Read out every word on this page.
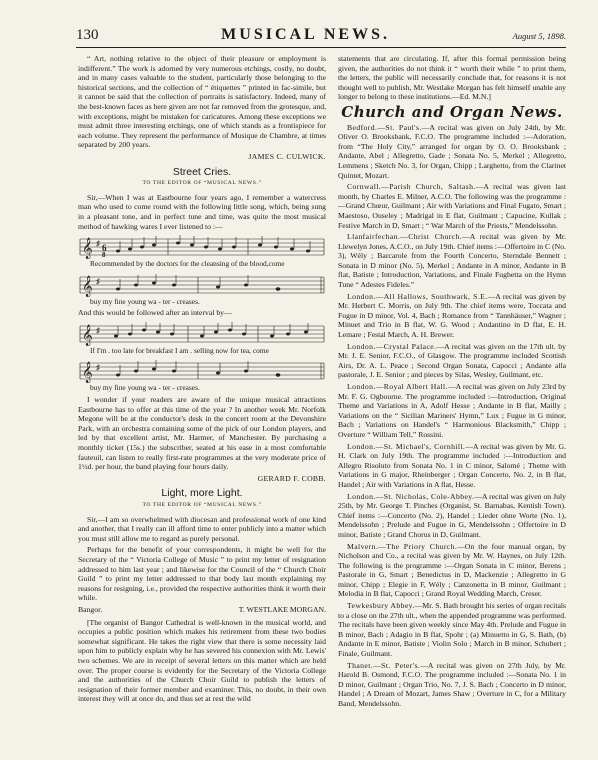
130	MUSICAL NEWS.	August 5, 1898.

“ Art, nothing relative to the object of their pleasure or employment is indifferent.” The work is adorned by very numerous etchings, costly, no doubt, and in many cases valuable to the student, particularly those belonging to the historical sections, and the collection of “ étiquettes ” printed in fac-simile, but it cannot be said that the collection of portraits is satisfactory. Indeed, many of the best-known faces as here given are not far removed from the grotesque, and, with exceptions, might be mistaken for caricatures. Among these exceptions we must admit three interesting etchings, one of which stands as a frontispiece for each volume. They represent the performance of Musique de Chambre, at times separated by 200 years.

JAMES C. CULWICK.
Street Cries.
TO THE EDITOR OF “MUSICAL NEWS.”

Sir,—When I was at Eastbourne four years ago, I remember a watercress man who used to come round with the following little song, which, being sung in a pleasant tone, and in perfect tune and time, was quite the most musical method of hawking wares I ever listened to :—

𝄞 ♯ 6
8
Recommended by the doctors for the cleansing of the blood,come
𝄞 ♯
buy my fine young wa - ter - creases.

And this would be followed after an interval by—

𝄞 ♯
If I'm . too late for breakfast I am . selling now for tea, come
𝄞 ♯
buy my fine young wa - ter - creases.

I wonder if your readers are aware of the unique musical attractions Eastbourne has to offer at this time of the year ? In another week Mr. Norfolk Megone will be at the conductor's desk in the concert room at the Devonshire Park, with an orchestra containing some of the pick of our London players, and led by that excellent artist, Mr. Harmer, of Manchester. By purchasing a monthly ticket (15s.) the subscriber, seated at his ease in a most comfortable fauteuil, can listen to really first-rate programmes at the very moderate price of 1½d. per hour, the band playing four hours daily.

GERARD F. COBB.
Light, more Light.
TO THE EDITOR OF “MUSICAL NEWS.”

Sir,—I am so overwhelmed with diocesan and professional work of one kind and another, that I really can ill afford time to enter publicly into a matter which you must still allow me to regard as purely personal.

Perhaps for the benefit of your correspondents, it might be well for the Secretary of the “ Victoria College of Music ” to print my letter of resignation addressed to him last year ; and likewise for the Council of the “ Church Choir Guild ” to print my letter addressed to that body last month explaining my reasons for resigning, i.e., provided the respective authorities think it worth their while.

Bangor.	T. WESTLAKE MORGAN.

[The organist of Bangor Cathedral is well-known in the musical world, and occupies a public position which makes his retirement from these two bodies somewhat significant. He takes the right view that there is some necessity laid upon him to publicly explain why he has severed his connexion with Mr. Lewis' two schemes. We are in receipt of several letters on this matter which are held over. The proper course is evidently for the Secretary of the Victoria College and the authorities of the Church Choir Guild to publish the letters of resignation of their former member and examiner. This, no doubt, in their own interest they will at once do, and thus set at rest the wild

statements that are circulating. If, after this formal permission being given, the authorities do not think it “ worth their while ” to print them, the letters, the public will necessarily conclude that, for reasons it is not thought well to publish, Mr. Westlake Morgan has felt himself unable any longer to belong to these institutions.—Ed. M.N.]

Church and Organ News.

Bedford.—St. Paul's.—A recital was given on July 24th, by Mr. Oliver O. Brooksbank, F.C.O. The programme included :—Adoration, from “The Holy City,” arranged for organ by O. O. Brooksbank ; Andante, Abel ; Allegretto, Gade ; Sonata No. 5, Merkel ; Allegretto, Lemmens ; Sketch No. 3, for Organ, Chipp ; Larghetto, from the Clarinet Quintet, Mozart.

Cornwall.—Parish Church, Saltash.—A recital was given last month, by Charles E. Milner, A.C.O. The following was the programme :—Grand Chœur, Guilmant ; Air with Variations and Final Fugato, Smart ; Maestoso, Ouseley ; Madrigal in E flat, Guilmant ; Capucine, Kullak ; Festive March in D, Smart ; “ War March of the Priests,” Mendelssohn.

Llanfairfechan.—Christ Church.—A recital was given by Mr. Llewelyn Jones, A.C.O., on July 19th. Chief items :—Offertoire in C (No. 3), Wély ; Barcarole from the Fourth Concerto, Sterndale Bennett ; Sonata in D minor (No. 5), Merkel ; Andante in A minor, Andante in B flat, Batiste ; Introduction, Variations, and Finale Fughetta on the Hymn Tune “ Adestes Fideles.”

London.—All Hallows, Southwark, S.E.—A recital was given by Mr. Herbert C. Morris, on July 9th. The chief items were, Toccata and Fugue in D minor, Vol. 4, Bach ; Romance from “ Tannhäuser,” Wagner ; Minuet and Trio in B flat, W. G. Wood ; Andantino in D flat, E. H. Lemare ; Festal March, A. H. Brewer.

London.—Crystal Palace.—A recital was given on the 17th ult. by Mr. J. E. Senior, F.C.O., of Glasgow. The programme included Scottish Airs, Dr. A. L. Peace ; Second Organ Sonata, Capocci ; Andante alla pastorale, J. E. Senior ; and pieces by Silas, Wesley, Guilmant, etc.

London.—Royal Albert Hall.—A recital was given on July 23rd by Mr. F. G. Ogbourne. The programme included :—Introduction, Original Theme and Variations in A, Adolf Hesse ; Andante in B flat, Mailly ; Variations on the “ Sicilian Mariners' Hymn,” Lux ; Fugue in G minor, Bach ; Variations on Handel's “ Harmonious Blacksmith,” Chipp ; Overture “ William Tell,” Rossini.

London.—St. Michael's, Cornhill.—A recital was given by Mr. G. H. Clark on July 19th. The programme included :—Introduction and Allegro Risoluto from Sonata No. 1 in C minor, Salomé ; Theme with Variations in G major, Rheinberger ; Organ Concerto, No. 2, in B flat, Handel ; Air with Variations in A flat, Hesse.

London.—St. Nicholas, Cole-Abbey.—A recital was given on July 25th, by Mr. George T. Pinches (Organist, St. Barnabas, Kentish Town). Chief items :—Concerto (No. 2), Handel ; Lieder ohne Worte (No. 1), Mendelssohn ; Prelude and Fugue in G, Mendelssohn ; Offertoire in D minor, Batiste ; Grand Chorus in D, Guilmant.

Malvern.—The Priory Church.—On the four manual organ, by Nicholson and Co., a recital was given by Mr. W. Haynes, on July 12th. The following is the programme :—Organ Sonata in C minor, Berens ; Pastorale in G, Smart ; Benedictus in D, Mackenzie ; Allegretto in G minor, Chipp ; Elegie in F, Wély ; Canzonetta in B minor, Guilmant ; Melodia in B flat, Capocci ; Grand Royal Wedding March, Creser.

Tewkesbury Abbey.—Mr. S. Bath brought his series of organ recitals to a close on the 27th ult., when the appended programme was performed. The recitals have been given weekly since May 4th. Prelude and Fugue in B minor, Bach ; Adagio in B flat, Spohr ; (a) Minuetto in G, S. Bath, (b) Andante in E minor, Batiste ; Violin Solo ; March in B minor, Schubert ; Finale, Guilmant.

Thanet.—St. Peter's.—A recital was given on 27th July, by Mr. Harold B. Osmond, F.C.O. The programme included :—Sonata No. 1 in D minor, Guilmant ; Organ Trio, No. 7, J. S. Bach ; Concerto in D minor, Handel ; A Dream of Mozart, James Shaw ; Overture in C, for a Military Band, Mendelssohn.
